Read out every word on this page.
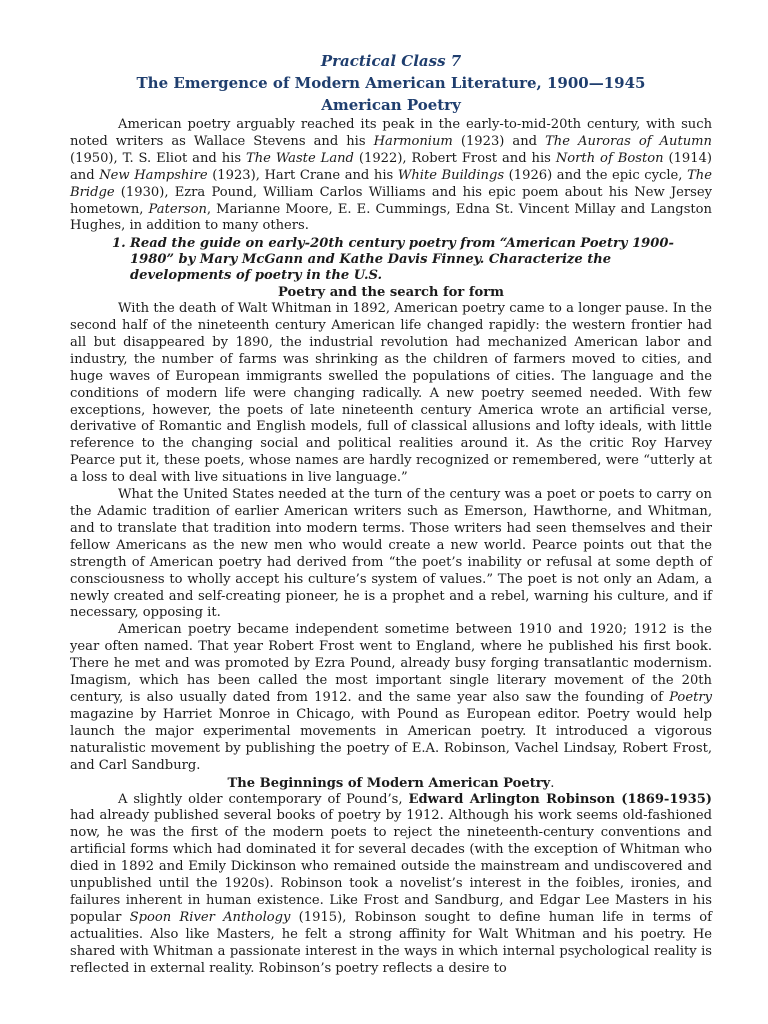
Practical Class 7
The Emergence of Modern American Literature, 1900—1945
American Poetry

American poetry arguably reached its peak in the early-to-mid-20th century, with such noted writers as Wallace Stevens and his Harmonium (1923) and The Auroras of Autumn (1950), T. S. Eliot and his The Waste Land (1922), Robert Frost and his North of Boston (1914) and New Hampshire (1923), Hart Crane and his White Buildings (1926) and the epic cycle, The Bridge (1930), Ezra Pound, William Carlos Williams and his epic poem about his New Jersey hometown, Paterson, Marianne Moore, E. E. Cummings, Edna St. Vincent Millay and Langston Hughes, in addition to many others.

1. Read the guide on early-20th century poetry from “American Poetry 1900-1980” by Mary McGann and Kathe Davis Finney. Characterize the developments of poetry in the U.S.
Poetry and the search for form

With the death of Walt Whitman in 1892, American poetry came to a longer pause. In the second half of the nineteenth century American life changed rapidly: the western frontier had all but disappeared by 1890, the industrial revolution had mechanized American labor and industry, the number of farms was shrinking as the children of farmers moved to cities, and huge waves of European immigrants swelled the populations of cities. The language and the conditions of modern life were changing radically. A new poetry seemed needed. With few exceptions, however, the poets of late nineteenth century America wrote an artificial verse, derivative of Romantic and English models, full of classical allusions and lofty ideals, with little reference to the changing social and political realities around it. As the critic Roy Harvey Pearce put it, these poets, whose names are hardly recognized or remembered, were “utterly at a loss to deal with live situations in live language.”

What the United States needed at the turn of the century was a poet or poets to carry on the Adamic tradition of earlier American writers such as Emerson, Hawthorne, and Whitman, and to translate that tradition into modern terms. Those writers had seen themselves and their fellow Americans as the new men who would create a new world. Pearce points out that the strength of American poetry had derived from “the poet’s inability or refusal at some depth of consciousness to wholly accept his culture’s system of values.” The poet is not only an Adam, a newly created and self-creating pioneer, he is a prophet and a rebel, warning his culture, and if necessary, opposing it.

American poetry became independent sometime between 1910 and 1920; 1912 is the year often named. That year Robert Frost went to England, where he published his first book. There he met and was promoted by Ezra Pound, already busy forging transatlantic modernism. Imagism, which has been called the most important single literary movement of the 20th century, is also usually dated from 1912. and the same year also saw the founding of Poetry magazine by Harriet Monroe in Chicago, with Pound as European editor. Poetry would help launch the major experimental movements in American poetry. It introduced a vigorous naturalistic movement by publishing the poetry of E.A. Robinson, Vachel Lindsay, Robert Frost, and Carl Sandburg.

The Beginnings of Modern American Poetry.

A slightly older contemporary of Pound’s, Edward Arlington Robinson (1869-1935) had already published several books of poetry by 1912. Although his work seems old-fashioned now, he was the first of the modern poets to reject the nineteenth-century conventions and artificial forms which had dominated it for several decades (with the exception of Whitman who died in 1892 and Emily Dickinson who remained outside the mainstream and undiscovered and unpublished until the 1920s). Robinson took a novelist’s interest in the foibles, ironies, and failures inherent in human existence. Like Frost and Sandburg, and Edgar Lee Masters in his popular Spoon River Anthology (1915), Robinson sought to define human life in terms of actualities. Also like Masters, he felt a strong affinity for Walt Whitman and his poetry. He shared with Whitman a passionate interest in the ways in which internal psychological reality is reflected in external reality. Robinson’s poetry reflects a desire to
